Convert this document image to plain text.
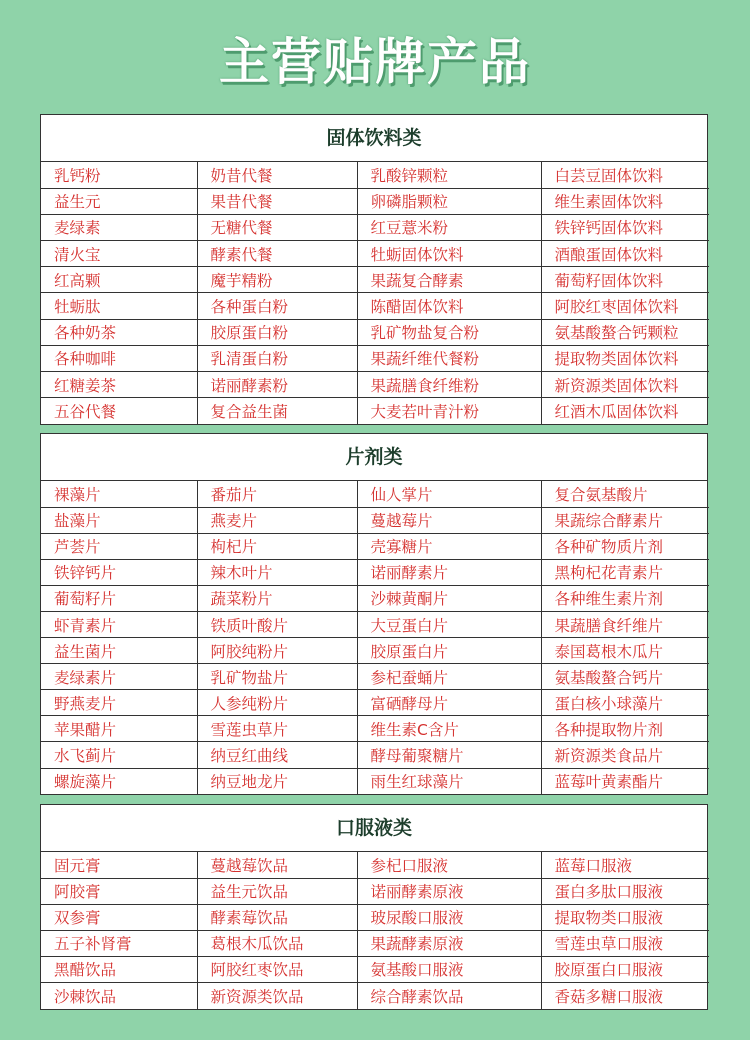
主营贴牌产品
固体饮料类
乳钙粉	奶昔代餐	乳酸锌颗粒	白芸豆固体饮料
益生元	果昔代餐	卵磷脂颗粒	维生素固体饮料
麦绿素	无糖代餐	红豆薏米粉	铁锌钙固体饮料
清火宝	酵素代餐	牡蛎固体饮料	酒酿蛋固体饮料
红高颗	魔芋精粉	果蔬复合酵素	葡萄籽固体饮料
牡蛎肽	各种蛋白粉	陈醋固体饮料	阿胶红枣固体饮料
各种奶茶	胶原蛋白粉	乳矿物盐复合粉	氨基酸螯合钙颗粒
各种咖啡	乳清蛋白粉	果蔬纤维代餐粉	提取物类固体饮料
红糖姜茶	诺丽酵素粉	果蔬膳食纤维粉	新资源类固体饮料
五谷代餐	复合益生菌	大麦若叶青汁粉	红酒木瓜固体饮料
片剂类
裸藻片	番茄片	仙人掌片	复合氨基酸片
盐藻片	燕麦片	蔓越莓片	果蔬综合酵素片
芦荟片	枸杞片	壳寡糖片	各种矿物质片剂
铁锌钙片	辣木叶片	诺丽酵素片	黑枸杞花青素片
葡萄籽片	蔬菜粉片	沙棘黄酮片	各种维生素片剂
虾青素片	铁质叶酸片	大豆蛋白片	果蔬膳食纤维片
益生菌片	阿胶纯粉片	胶原蛋白片	泰国葛根木瓜片
麦绿素片	乳矿物盐片	参杞蚕蛹片	氨基酸螯合钙片
野燕麦片	人参纯粉片	富硒酵母片	蛋白核小球藻片
苹果醋片	雪莲虫草片	维生素C含片	各种提取物片剂
水飞蓟片	纳豆红曲线	酵母葡聚糖片	新资源类食品片
螺旋藻片	纳豆地龙片	雨生红球藻片	蓝莓叶黄素酯片
口服液类
固元膏	蔓越莓饮品	参杞口服液	蓝莓口服液
阿胶膏	益生元饮品	诺丽酵素原液	蛋白多肽口服液
双参膏	酵素莓饮品	玻尿酸口服液	提取物类口服液
五子补肾膏	葛根木瓜饮品	果蔬酵素原液	雪莲虫草口服液
黑醋饮品	阿胶红枣饮品	氨基酸口服液	胶原蛋白口服液
沙棘饮品	新资源类饮品	综合酵素饮品	香菇多糖口服液
